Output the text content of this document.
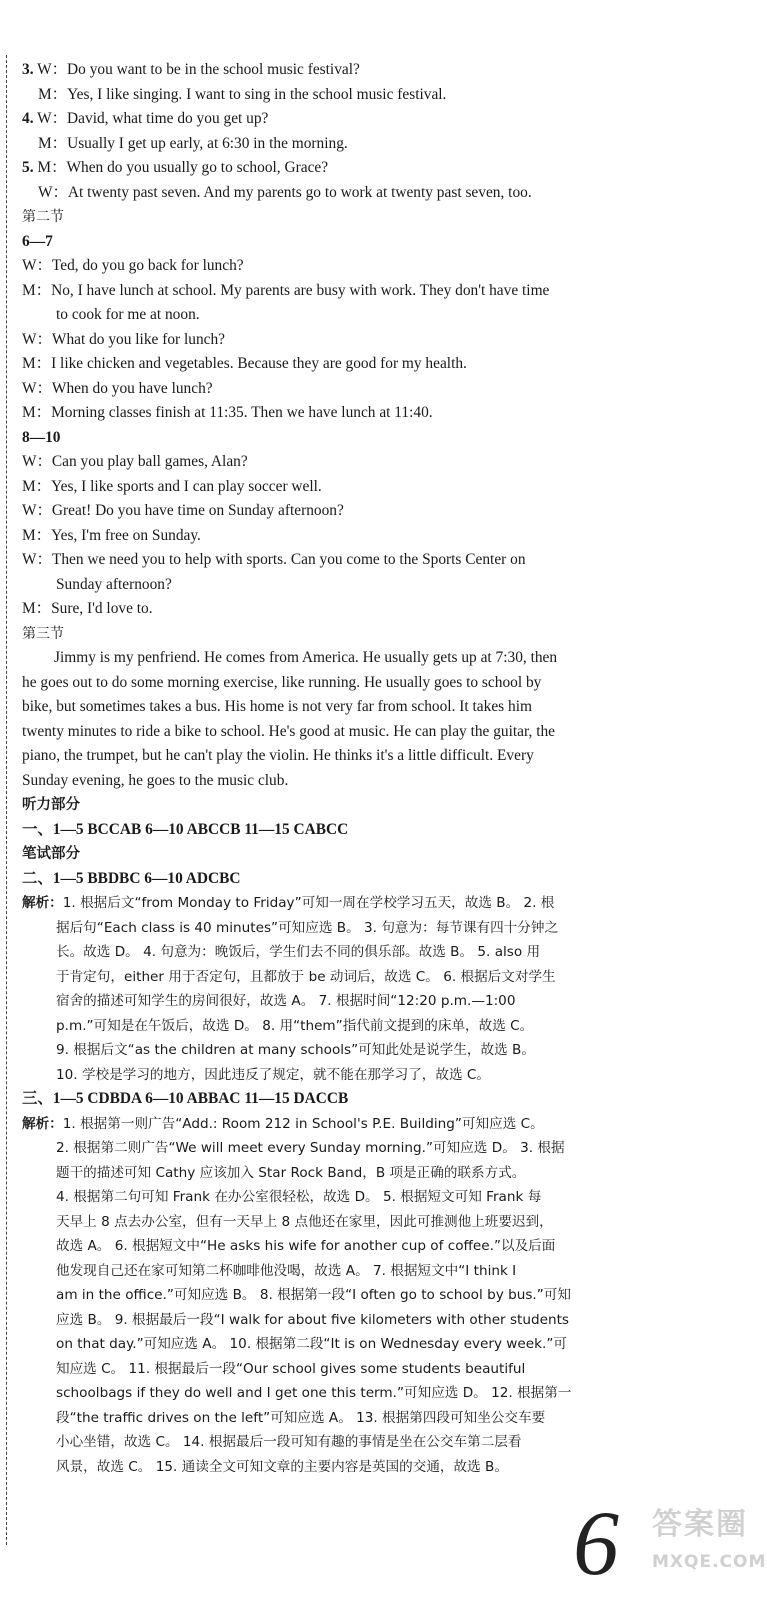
3. W：Do you want to be in the school music festival?
M：Yes, I like singing. I want to sing in the school music festival.
4. W：David, what time do you get up?
M：Usually I get up early, at 6:30 in the morning.
5. M：When do you usually go to school, Grace?
W：At twenty past seven. And my parents go to work at twenty past seven, too.
第二节
6—7
W：Ted, do you go back for lunch?
M：No, I have lunch at school. My parents are busy with work. They don't have time
to cook for me at noon.
W：What do you like for lunch?
M：I like chicken and vegetables. Because they are good for my health.
W：When do you have lunch?
M：Morning classes finish at 11:35. Then we have lunch at 11:40.
8—10
W：Can you play ball games, Alan?
M：Yes, I like sports and I can play soccer well.
W：Great! Do you have time on Sunday afternoon?
M：Yes, I'm free on Sunday.
W：Then we need you to help with sports. Can you come to the Sports Center on
Sunday afternoon?
M：Sure, I'd love to.
第三节
Jimmy is my penfriend. He comes from America. He usually gets up at 7:30, then
he goes out to do some morning exercise, like running. He usually goes to school by
bike, but sometimes takes a bus. His home is not very far from school. It takes him
twenty minutes to ride a bike to school. He's good at music. He can play the guitar, the
piano, the trumpet, but he can't play the violin. He thinks it's a little difficult. Every
Sunday evening, he goes to the music club.
听力部分
一、1—5 BCCAB 6—10 ABCCB 11—15 CABCC
笔试部分
二、1—5 BBDBC 6—10 ADCBC
解析：1. 根据后文“from Monday to Friday”可知一周在学校学习五天，故选 B。 2. 根
据后句“Each class is 40 minutes”可知应选 B。 3. 句意为：每节课有四十分钟之
长。故选 D。 4. 句意为：晚饭后，学生们去不同的俱乐部。故选 B。 5. also 用
于肯定句，either 用于否定句，且都放于 be 动词后，故选 C。 6. 根据后文对学生
宿舍的描述可知学生的房间很好，故选 A。 7. 根据时间“12:20 p.m.—1:00
p.m.”可知是在午饭后，故选 D。 8. 用“them”指代前文提到的床单，故选 C。
9. 根据后文“as the children at many schools”可知此处是说学生，故选 B。
10. 学校是学习的地方，因此违反了规定，就不能在那学习了，故选 C。
三、1—5 CDBDA 6—10 ABBAC 11—15 DACCB
解析：1. 根据第一则广告“Add.: Room 212 in School's P.E. Building”可知应选 C。
2. 根据第二则广告“We will meet every Sunday morning.”可知应选 D。 3. 根据
题干的描述可知 Cathy 应该加入 Star Rock Band，B 项是正确的联系方式。
4. 根据第二句可知 Frank 在办公室很轻松，故选 D。 5. 根据短文可知 Frank 每
天早上 8 点去办公室，但有一天早上 8 点他还在家里，因此可推测他上班要迟到，
故选 A。 6. 根据短文中“He asks his wife for another cup of coffee.”以及后面
他发现自己还在家可知第二杯咖啡他没喝，故选 A。 7. 根据短文中“I think I
am in the office.”可知应选 B。 8. 根据第一段“I often go to school by bus.”可知
应选 B。 9. 根据最后一段“I walk for about five kilometers with other students
on that day.”可知应选 A。 10. 根据第二段“It is on Wednesday every week.”可
知应选 C。 11. 根据最后一段“Our school gives some students beautiful
schoolbags if they do well and I get one this term.”可知应选 D。 12. 根据第一
段“the traffic drives on the left”可知应选 A。 13. 根据第四段可知坐公交车要
小心坐错，故选 C。 14. 根据最后一段可知有趣的事情是坐在公交车第二层看
风景，故选 C。 15. 通读全文可知文章的主要内容是英国的交通，故选 B。
6	答案圈
MXQE.COM
